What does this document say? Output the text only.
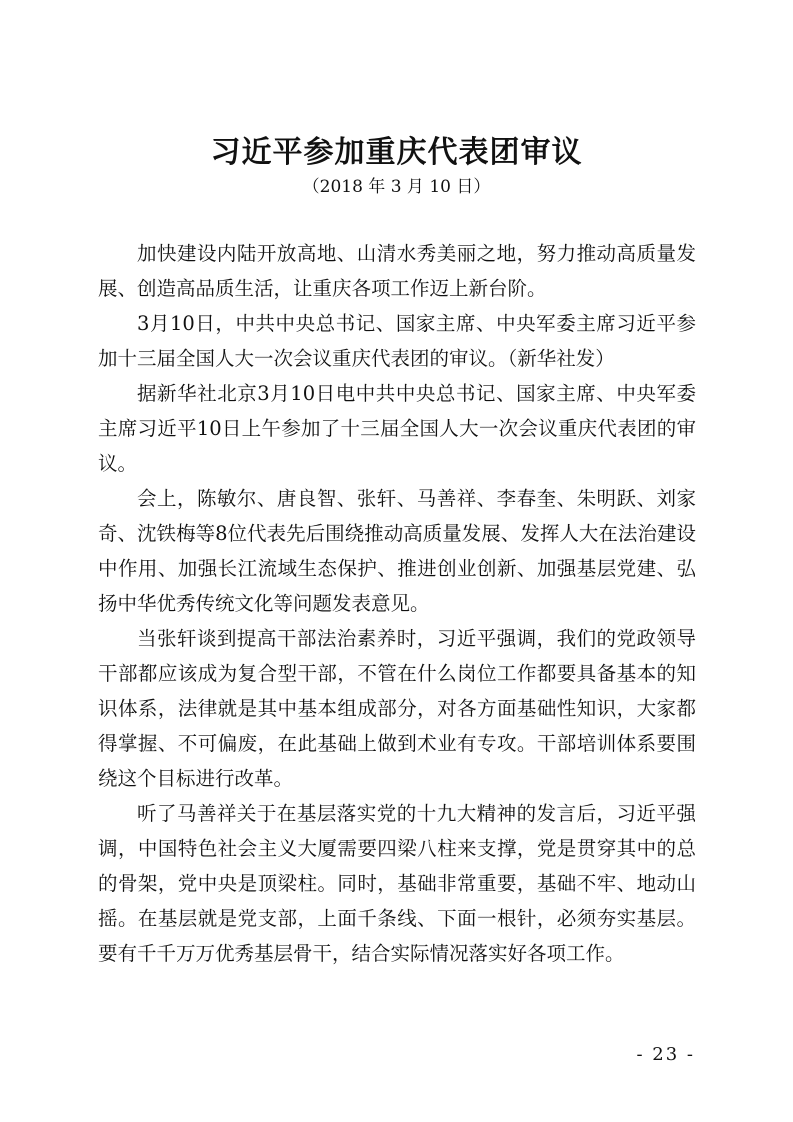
习近平参加重庆代表团审议

（2018 年 3 月 10 日）

加快建设内陆开放高地、山清水秀美丽之地，努力推动高质量发展、创造高品质生活，让重庆各项工作迈上新台阶。

3月10日，中共中央总书记、国家主席、中央军委主席习近平参加十三届全国人大一次会议重庆代表团的审议。（新华社发）

据新华社北京3月10日电中共中央总书记、国家主席、中央军委主席习近平10日上午参加了十三届全国人大一次会议重庆代表团的审议。

会上，陈敏尔、唐良智、张轩、马善祥、李春奎、朱明跃、刘家奇、沈铁梅等8位代表先后围绕推动高质量发展、发挥人大在法治建设中作用、加强长江流域生态保护、推进创业创新、加强基层党建、弘扬中华优秀传统文化等问题发表意见。

当张轩谈到提高干部法治素养时，习近平强调，我们的党政领导干部都应该成为复合型干部，不管在什么岗位工作都要具备基本的知识体系，法律就是其中基本组成部分，对各方面基础性知识，大家都得掌握、不可偏废，在此基础上做到术业有专攻。干部培训体系要围绕这个目标进行改革。

听了马善祥关于在基层落实党的十九大精神的发言后，习近平强调，中国特色社会主义大厦需要四梁八柱来支撑，党是贯穿其中的总的骨架，党中央是顶梁柱。同时，基础非常重要，基础不牢、地动山摇。在基层就是党支部，上面千条线、下面一根针，必须夯实基层。要有千千万万优秀基层骨干，结合实际情况落实好各项工作。

- 23 -
